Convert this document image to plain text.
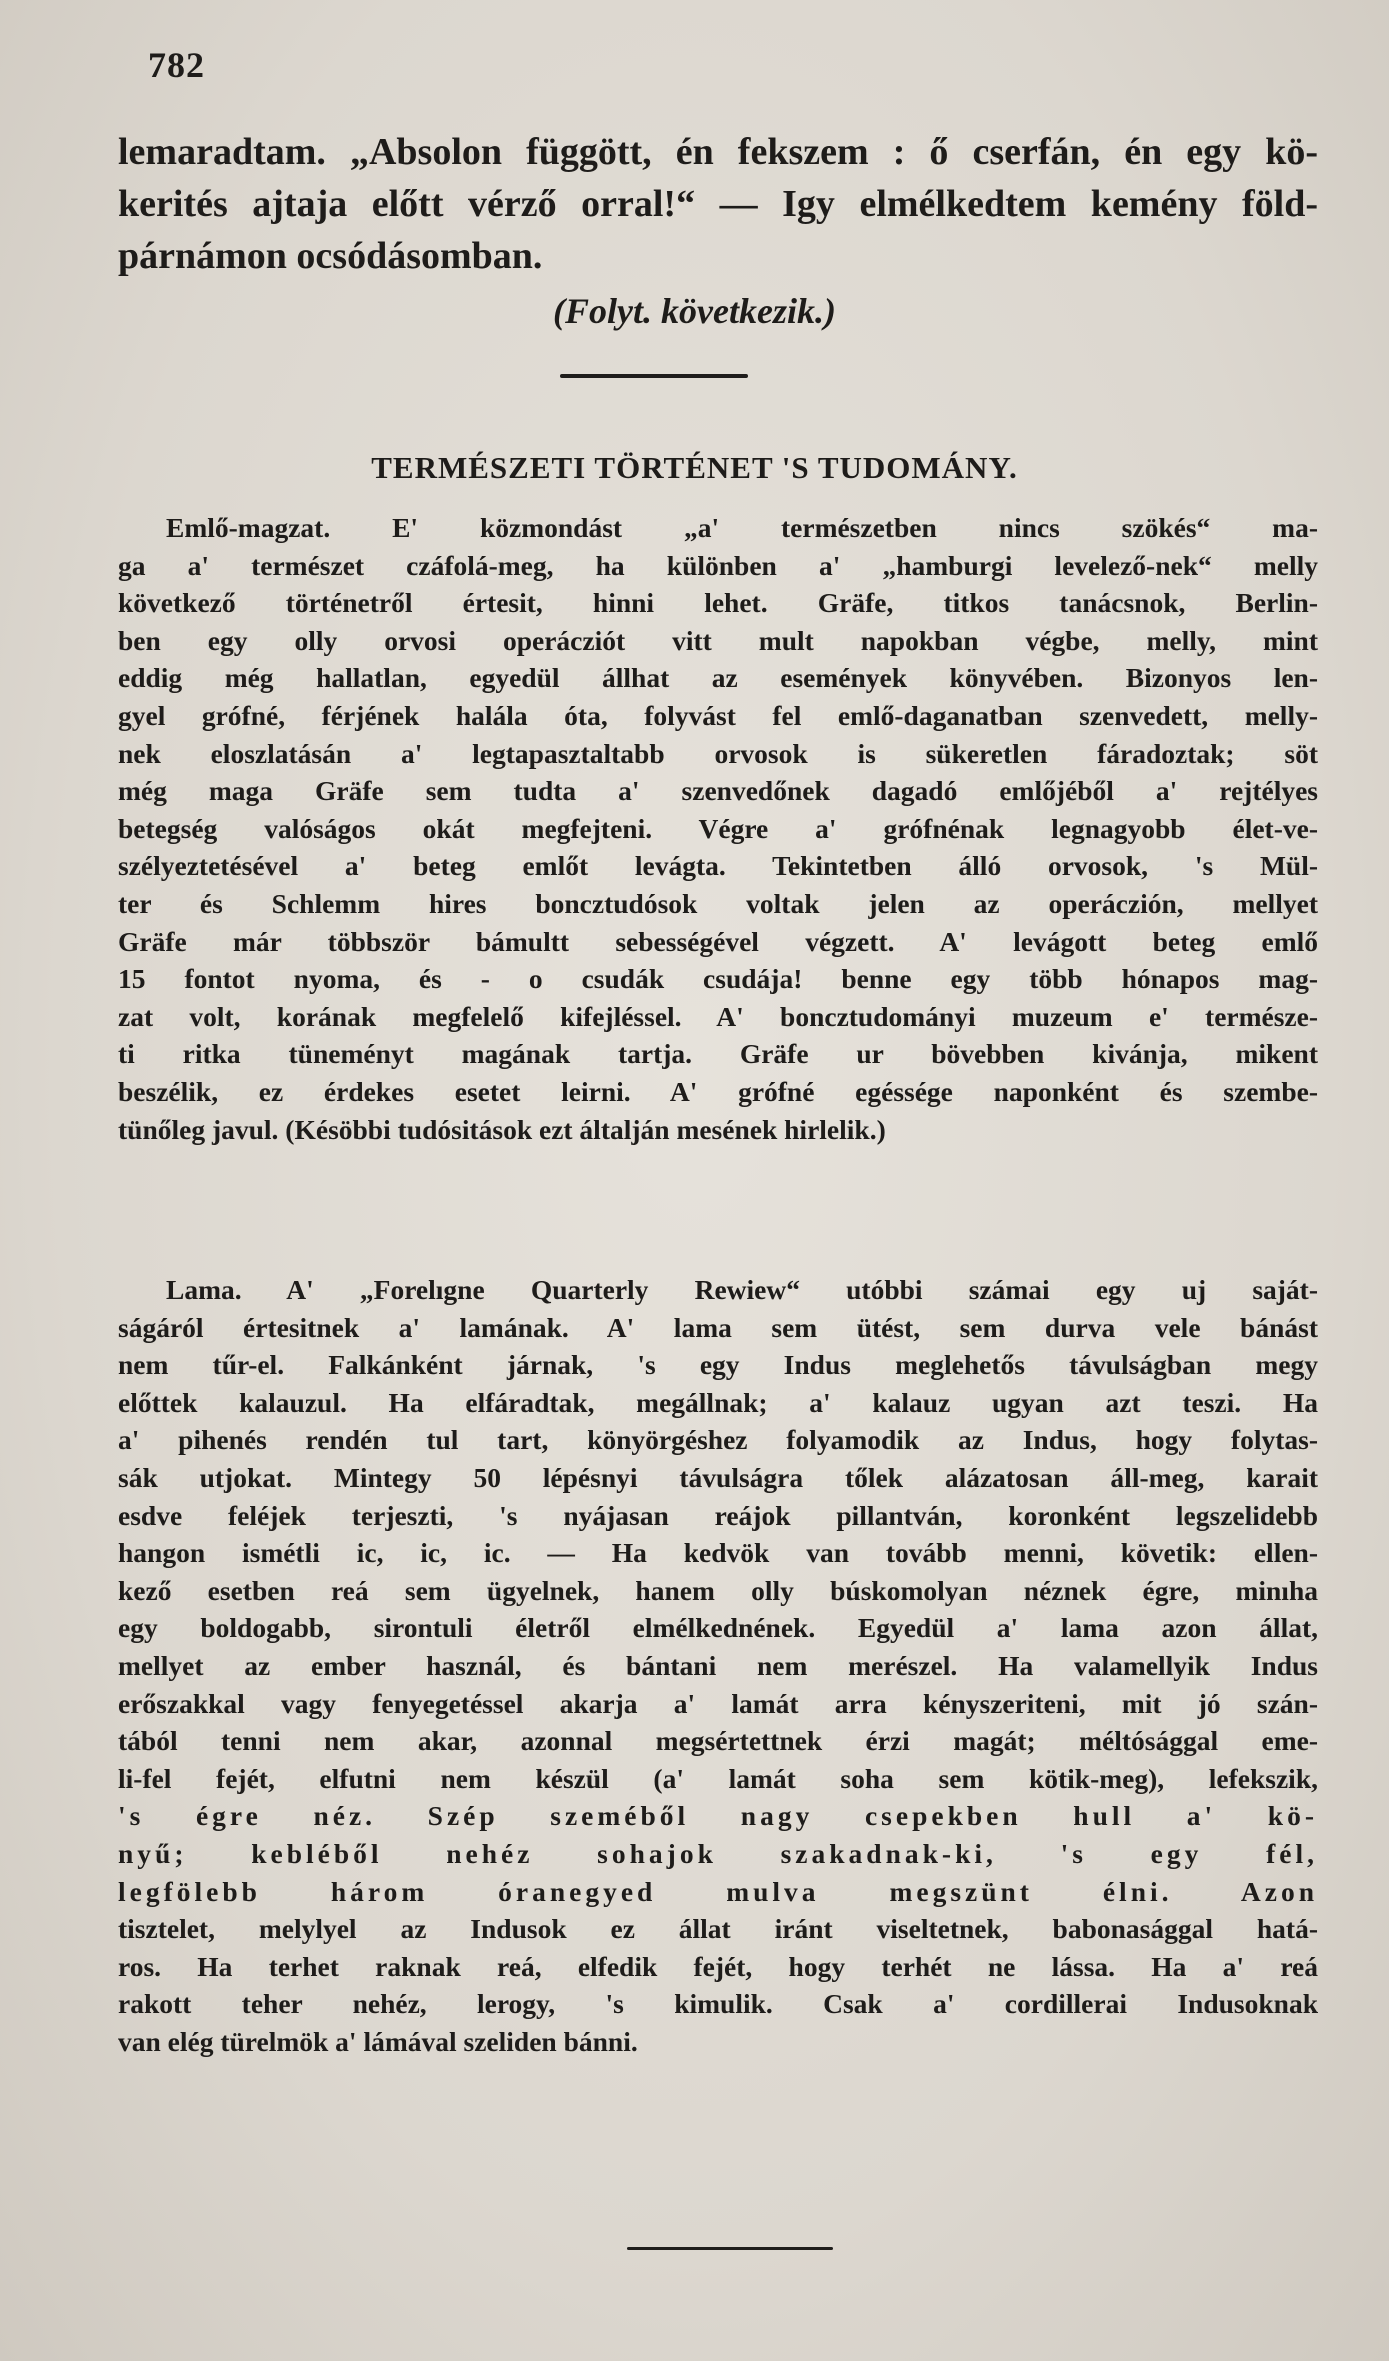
782
lemaradtam. „Absolon függött, én fekszem : ő cserfán, én egy kö-
kerités ajtaja előtt vérző orral!“ — Igy elmélkedtem kemény föld-
párnámon ocsódásomban.
(Folyt. következik.)
TERMÉSZETI TÖRTÉNET 'S TUDOMÁNY.
Emlő-magzat. E' közmondást „a' természetben nincs szökés“ ma-
ga a' természet czáfolá-meg, ha különben a' „hamburgi levelező-nek“ melly
következő történetről értesit, hinni lehet. Gräfe, titkos tanácsnok, Berlin-
ben egy olly orvosi operácziót vitt mult napokban végbe, melly, mint
eddig még hallatlan, egyedül állhat az események könyvében. Bizonyos len-
gyel grófné, férjének halála óta, folyvást fel emlő-daganatban szenvedett, melly-
nek eloszlatásán a' legtapasztaltabb orvosok is sükeretlen fáradoztak; söt
még maga Gräfe sem tudta a' szenvedőnek dagadó emlőjéből a' rejtélyes
betegség valóságos okát megfejteni. Végre a' grófnénak legnagyobb élet-ve-
szélyeztetésével a' beteg emlőt levágta. Tekintetben álló orvosok, 's Mül-
ter és Schlemm hires boncztudósok voltak jelen az operáczión, mellyet
Gräfe már többször bámultt sebességével végzett. A' levágott beteg emlő
15 fontot nyoma, és - o csudák csudája! benne egy több hónapos mag-
zat volt, korának megfelelő kifejléssel. A' boncztudományi muzeum e' természe-
ti ritka tüneményt magának tartja. Gräfe ur bövebben kivánja, mikent
beszélik, ez érdekes esetet leirni. A' grófné egéssége naponként és szembe-
tünőleg javul. (Késöbbi tudósitások ezt általján mesének hirlelik.)
Lama. A' „Forelıgne Quarterly Rewiew“ utóbbi számai egy uj saját-
ságáról értesitnek a' lamának. A' lama sem ütést, sem durva vele bánást
nem tűr-el. Falkánként járnak, 's egy Indus meglehetős távulságban megy
előttek kalauzul. Ha elfáradtak, megállnak; a' kalauz ugyan azt teszi. Ha
a' pihenés rendén tul tart, könyörgéshez folyamodik az Indus, hogy folytas-
sák utjokat. Mintegy 50 lépésnyi távulságra tőlek alázatosan áll-meg, karait
esdve feléjek terjeszti, 's nyájasan reájok pillantván, koronként legszelidebb
hangon ismétli ic, ic, ic. — Ha kedvök van tovább menni, követik: ellen-
kező esetben reá sem ügyelnek, hanem olly búskomolyan néznek égre, minıha
egy boldogabb, sirontuli életről elmélkednének. Egyedül a' lama azon állat,
mellyet az ember használ, és bántani nem merészel. Ha valamellyik Indus
erőszakkal vagy fenyegetéssel akarja a' lamát arra kényszeriteni, mit jó szán-
tából tenni nem akar, azonnal megsértettnek érzi magát; méltósággal eme-
li-fel fejét, elfutni nem készül (a' lamát soha sem kötik-meg), lefekszik,
's égre néz. Szép szeméből nagy csepekben hull a' kö-
nyű; kebléből nehéz sohajok szakadnak-ki, 's egy fél,
legfölebb három óranegyed mulva megszünt élni. Azon
tisztelet, melylyel az Indusok ez állat iránt viseltetnek, babonasággal hatá-
ros. Ha terhet raknak reá, elfedik fejét, hogy terhét ne lássa. Ha a' reá
rakott teher nehéz, lerogy, 's kimulik. Csak a' cordillerai Indusoknak
van elég türelmök a' lámával szeliden bánni.
